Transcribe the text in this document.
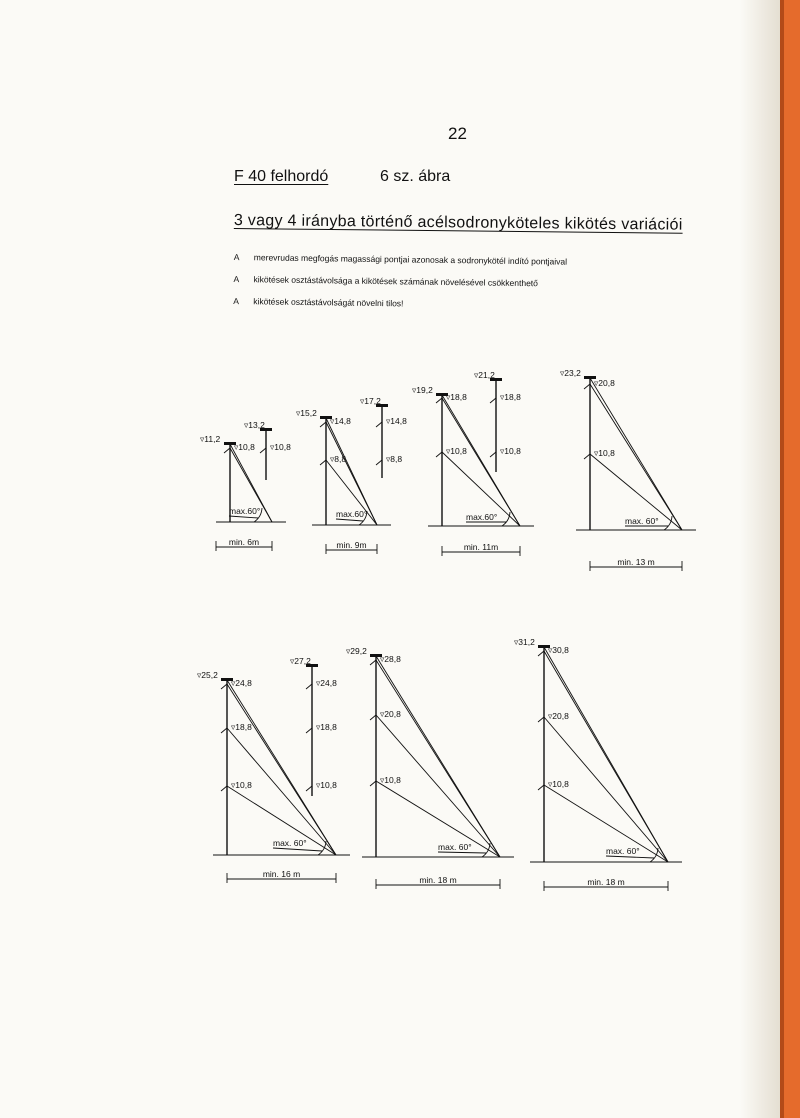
22
F 40 felhordó	6 sz. ábra
3 vagy 4 irányba történő acélsodronyköteles kikötés variációi
A merevrudas megfogás magassági pontjai azonosak a sodronykötél indító pontjaival
A kikötések osztástávolsága a kikötések számának növelésével csökkenthető
A kikötések osztástávolságát növelni tilos!
▿11,2
▿10,8
▿13,2
▿10,8
max.60°
min. 6m
▿15,2
▿14,8
▿8,8
▿17,2
▿14,8
▿8,8
max.60°
min. 9m
▿19,2
▿18,8
▿10,8
▿21,2
▿18,8
▿10,8
max.60°
min. 11m
▿23,2
▿20,8
▿10,8
max. 60°
min. 13 m
▿25,2
▿24,8
▿18,8
▿10,8
▿27,2
▿24,8
▿18,8
▿10,8
max. 60°
min. 16 m
▿29,2
▿28,8
▿20,8
▿10,8
max. 60°
min. 18 m
▿31,2
▿30,8
▿20,8
▿10,8
max. 60°
min. 18 m
